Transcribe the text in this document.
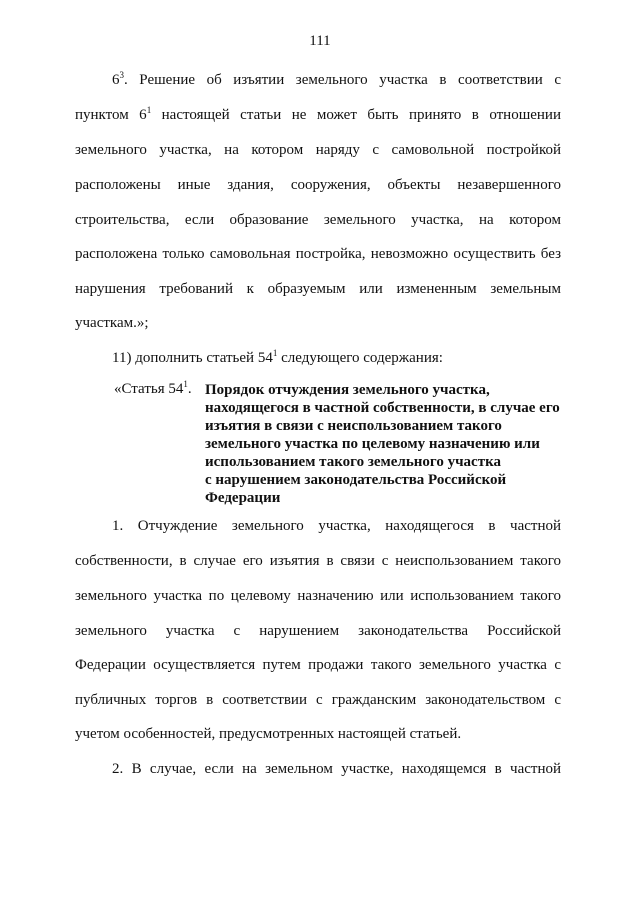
111
$6^3$. Решение об изъятии земельного участка в соответствии с
пунктом $6^1$ настоящей статьи не может быть принято в отношении
земельного участка, на котором наряду с самовольной постройкой
расположены иные здания, сооружения, объекты незавершенного
строительства, если образование земельного участка, на котором
расположена только самовольная постройка, невозможно осуществить без
нарушения требований к образуемым или измененным земельным
участкам.»;
11) дополнить статьей $54^1$ следующего содержания:
«Статья $54^1$. Порядок отчуждения земельного участка,
находящегося в частной собственности, в случае его
изъятия в связи с неиспользованием такого
земельного участка по целевому назначению или
использованием такого земельного участка
с нарушением законодательства Российской
Федерации
1. Отчуждение земельного участка, находящегося в частной
собственности, в случае его изъятия в связи с неиспользованием такого
земельного участка по целевому назначению или использованием такого
земельного участка с нарушением законодательства Российской
Федерации осуществляется путем продажи такого земельного участка с
публичных торгов в соответствии с гражданским законодательством с
учетом особенностей, предусмотренных настоящей статьей.
2. В случае, если на земельном участке, находящемся в частной
